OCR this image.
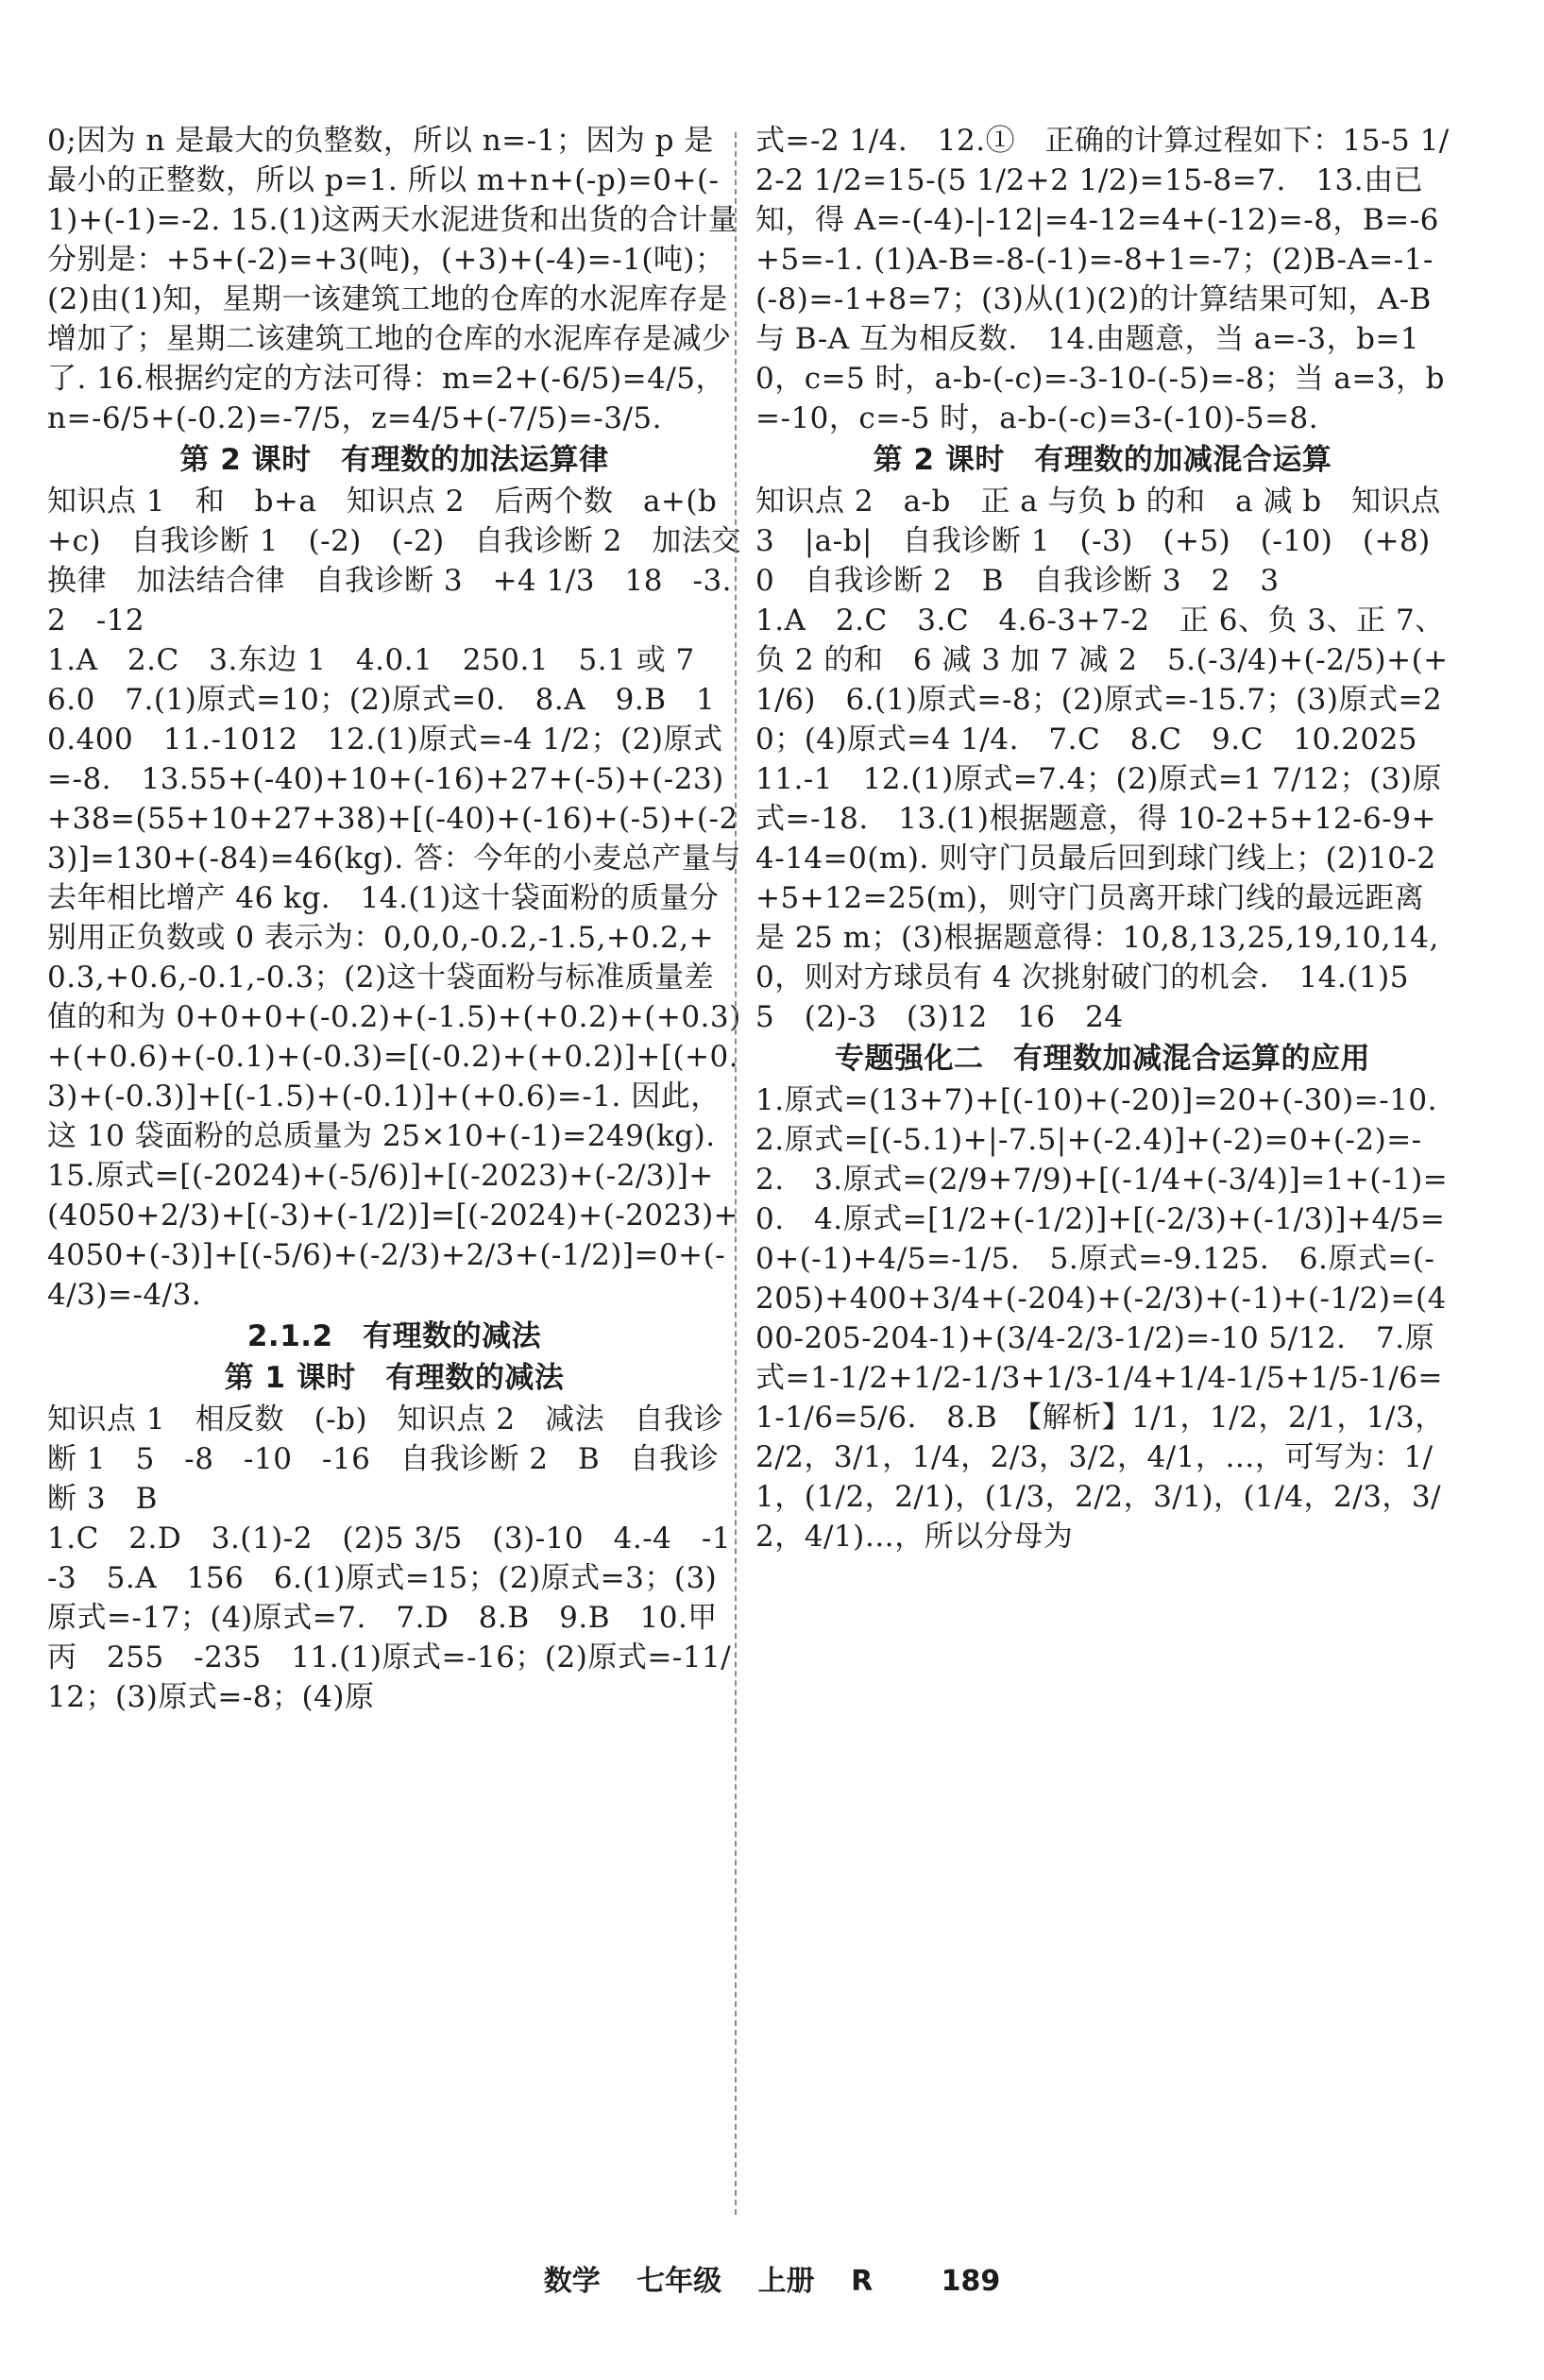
0;因为 n 是最大的负整数，所以 n=-1；因为 p 是最小的正整数，所以 p=1. 所以 m+n+(-p)=0+(-1)+(-1)=-2. 15.(1)这两天水泥进货和出货的合计量分别是：+5+(-2)=+3(吨)，(+3)+(-4)=-1(吨)；(2)由(1)知，星期一该建筑工地的仓库的水泥库存是增加了；星期二该建筑工地的仓库的水泥库存是减少了. 16.根据约定的方法可得：m=2+(-6/5)=4/5，n=-6/5+(-0.2)=-7/5，z=4/5+(-7/5)=-3/5.

第 2 课时　有理数的加法运算律

知识点 1　和　b+a　知识点 2　后两个数　a+(b+c)　自我诊断 1　(-2)　(-2)　自我诊断 2　加法交换律　加法结合律　自我诊断 3　+4 1/3　18　-3.2　-12

1.A　2.C　3.东边 1　4.0.1　250.1　5.1 或 7　6.0　7.(1)原式=10；(2)原式=0.　8.A　9.B　10.400　11.-1012　12.(1)原式=-4 1/2；(2)原式=-8.　13.55+(-40)+10+(-16)+27+(-5)+(-23)+38=(55+10+27+38)+[(-40)+(-16)+(-5)+(-23)]=130+(-84)=46(kg). 答：今年的小麦总产量与去年相比增产 46 kg.　14.(1)这十袋面粉的质量分别用正负数或 0 表示为：0,0,0,-0.2,-1.5,+0.2,+0.3,+0.6,-0.1,-0.3；(2)这十袋面粉与标准质量差值的和为 0+0+0+(-0.2)+(-1.5)+(+0.2)+(+0.3)+(+0.6)+(-0.1)+(-0.3)=[(-0.2)+(+0.2)]+[(+0.3)+(-0.3)]+[(-1.5)+(-0.1)]+(+0.6)=-1. 因此，这 10 袋面粉的总质量为 25×10+(-1)=249(kg).　15.原式=[(-2024)+(-5/6)]+[(-2023)+(-2/3)]+(4050+2/3)+[(-3)+(-1/2)]=[(-2024)+(-2023)+4050+(-3)]+[(-5/6)+(-2/3)+2/3+(-1/2)]=0+(-4/3)=-4/3.

2.1.2　有理数的减法

第 1 课时　有理数的减法

知识点 1　相反数　(-b)　知识点 2　减法　自我诊断 1　5　-8　-10　-16　自我诊断 2　B　自我诊断 3　B

1.C　2.D　3.(1)-2　(2)5 3/5　(3)-10　4.-4　-1　-3　5.A　156　6.(1)原式=15；(2)原式=3；(3)原式=-17；(4)原式=7.　7.D　8.B　9.B　10.甲　丙　255　-235　11.(1)原式=-16；(2)原式=-11/12；(3)原式=-8；(4)原

式=-2 1/4.　12.①　正确的计算过程如下：15-5 1/2-2 1/2=15-(5 1/2+2 1/2)=15-8=7.　13.由已知，得 A=-(-4)-|-12|=4-12=4+(-12)=-8，B=-6+5=-1. (1)A-B=-8-(-1)=-8+1=-7；(2)B-A=-1-(-8)=-1+8=7；(3)从(1)(2)的计算结果可知，A-B 与 B-A 互为相反数.　14.由题意，当 a=-3，b=10，c=5 时，a-b-(-c)=-3-10-(-5)=-8；当 a=3，b=-10，c=-5 时，a-b-(-c)=3-(-10)-5=8.

第 2 课时　有理数的加减混合运算

知识点 2　a-b　正 a 与负 b 的和　a 减 b　知识点 3　|a-b|　自我诊断 1　(-3)　(+5)　(-10)　(+8)　0　自我诊断 2　B　自我诊断 3　2　3

1.A　2.C　3.C　4.6-3+7-2　正 6、负 3、正 7、负 2 的和　6 减 3 加 7 减 2　5.(-3/4)+(-2/5)+(+1/6)　6.(1)原式=-8；(2)原式=-15.7；(3)原式=20；(4)原式=4 1/4.　7.C　8.C　9.C　10.2025　11.-1　12.(1)原式=7.4；(2)原式=1 7/12；(3)原式=-18.　13.(1)根据题意，得 10-2+5+12-6-9+4-14=0(m). 则守门员最后回到球门线上；(2)10-2+5+12=25(m)，则守门员离开球门线的最远距离是 25 m；(3)根据题意得：10,8,13,25,19,10,14,0，则对方球员有 4 次挑射破门的机会.　14.(1)5　5　(2)-3　(3)12　16　24

专题强化二　有理数加减混合运算的应用

1.原式=(13+7)+[(-10)+(-20)]=20+(-30)=-10.　2.原式=[(-5.1)+|-7.5|+(-2.4)]+(-2)=0+(-2)=-2.　3.原式=(2/9+7/9)+[(-1/4+(-3/4)]=1+(-1)=0.　4.原式=[1/2+(-1/2)]+[(-2/3)+(-1/3)]+4/5=0+(-1)+4/5=-1/5.　5.原式=-9.125.　6.原式=(-205)+400+3/4+(-204)+(-2/3)+(-1)+(-1/2)=(400-205-204-1)+(3/4-2/3-1/2)=-10 5/12.　7.原式=1-1/2+1/2-1/3+1/3-1/4+1/4-1/5+1/5-1/6=1-1/6=5/6.　8.B　【解析】1/1，1/2，2/1，1/3，2/2，3/1，1/4，2/3，3/2，4/1，…，可写为：1/1，(1/2，2/1)，(1/3，2/2，3/1)，(1/4，2/3，3/2，4/1)…，所以分母为

数学 七年级 上册 R 189
